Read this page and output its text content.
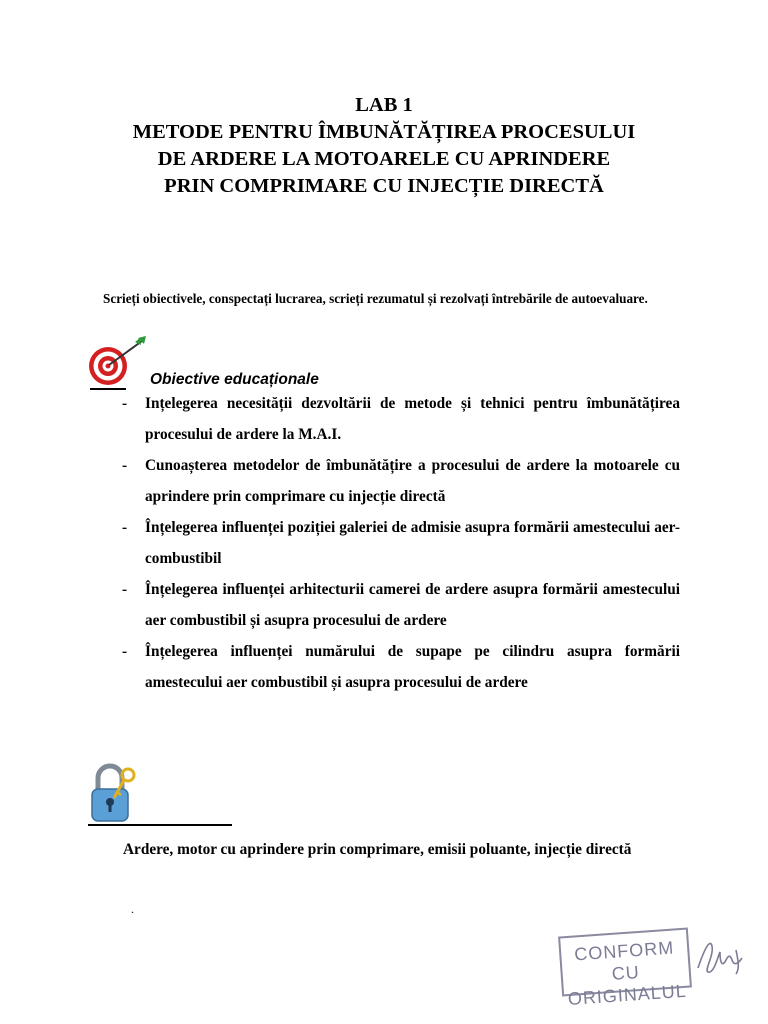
LAB 1
METODE PENTRU ÎMBUNĂTĂȚIREA PROCESULUI
DE ARDERE LA MOTOARELE CU APRINDERE
PRIN COMPRIMARE CU INJECȚIE DIRECTĂ
Scrieți obiectivele, conspectați lucrarea, scrieți rezumatul și rezolvați întrebările de autoevaluare.
Obiective educaționale
- Ințelegerea necesității dezvoltării de metode și tehnici pentru îmbunătățirea procesului de ardere la M.A.I.
- Cunoașterea metodelor de îmbunătățire a procesului de ardere la motoarele cu aprindere prin comprimare cu injecție directă
- Înțelegerea influenței poziției galeriei de admisie asupra formării amestecului aer-combustibil
- Înțelegerea influenței arhitecturii camerei de ardere asupra formării amestecului aer combustibil și asupra procesului de ardere
- Înțelegerea influenței numărului de supape pe cilindru asupra formării amestecului aer combustibil și asupra procesului de ardere
Ardere, motor cu aprindere prin comprimare, emisii poluante, injecție directă
.
CONFORM CU
ORIGINALUL
